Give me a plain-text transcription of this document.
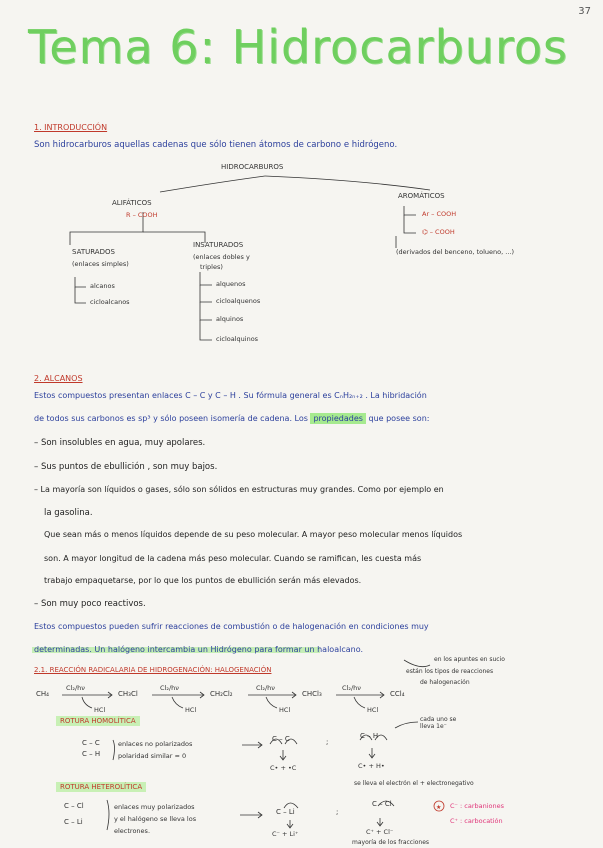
37
Tema 6: Hidrocarburos
1. INTRODUCCIÓN
Son hidrocarburos aquellas cadenas que sólo tienen átomos de carbono e hidrógeno.
★
HIDROCARBUROS
ALIFÁTICOS
R – COOH
AROMÁTICOS
Ar – COOH
⌬ – COOH
(derivados del benceno, tolueno, ...)
SATURADOS
(enlaces simples)
alcanos
cicloalcanos
INSATURADOS
(enlaces dobles y
triples)
alquenos
cicloalquenos
alquinos
cicloalquinos
2. ALCANOS
Estos compuestos presentan enlaces C – C y C – H . Su fórmula general es CₙH₂ₙ₊₂ . La hibridación
de todos sus carbonos es sp³ y sólo poseen isomería de cadena. Los propiedades que posee son:
– Son insolubles en agua, muy apolares.
– Sus puntos de ebullición , son muy bajos.
– La mayoría son líquidos o gases, sólo son sólidos en estructuras muy grandes. Como por ejemplo en
la gasolina.
Que sean más o menos líquidos depende de su peso molecular. A mayor peso molecular menos líquidos
son. A mayor longitud de la cadena más peso molecular. Cuando se ramifican, les cuesta más
trabajo empaquetarse, por lo que los puntos de ebullición serán más elevados.
– Son muy poco reactivos.
Estos compuestos pueden sufrir reacciones de combustión o de halogenación en condiciones muy
determinadas. Un halógeno intercambia un Hidrógeno para formar un haloalcano.
2.1. REACCIÓN RADICALARIA DE HIDROGENACIÓN: HALOGENACIÓN
en los apuntes en sucio
están los tipos de reacciones
de halogenación
CH₄
Cl₂/hν
HCl
CH₃Cl
Cl₂/hν
HCl
CH₂Cl₂
Cl₂/hν
HCl
CHCl₃
Cl₂/hν
HCl
CCl₄
ROTURA HOMOLÍTICA
C – C
C – H
enlaces no polarizados
polaridad similar ≈ 0
C – C	;
C – H
C• + •C	C• + H•
cada uno se lleva 1e⁻
ROTURA HETEROLÍTICA
C – Cl
C – Li
enlaces muy polarizados
y el halógeno se lleva los
electrones.
C – Li	;
C – Cl
C⁻ + Li⁺	C⁺ + Cl⁻
se lleva el electrón el + electronegativo
mayoría de los fracciones
C⁻ : carbaniones
C⁺ : carbocatión
